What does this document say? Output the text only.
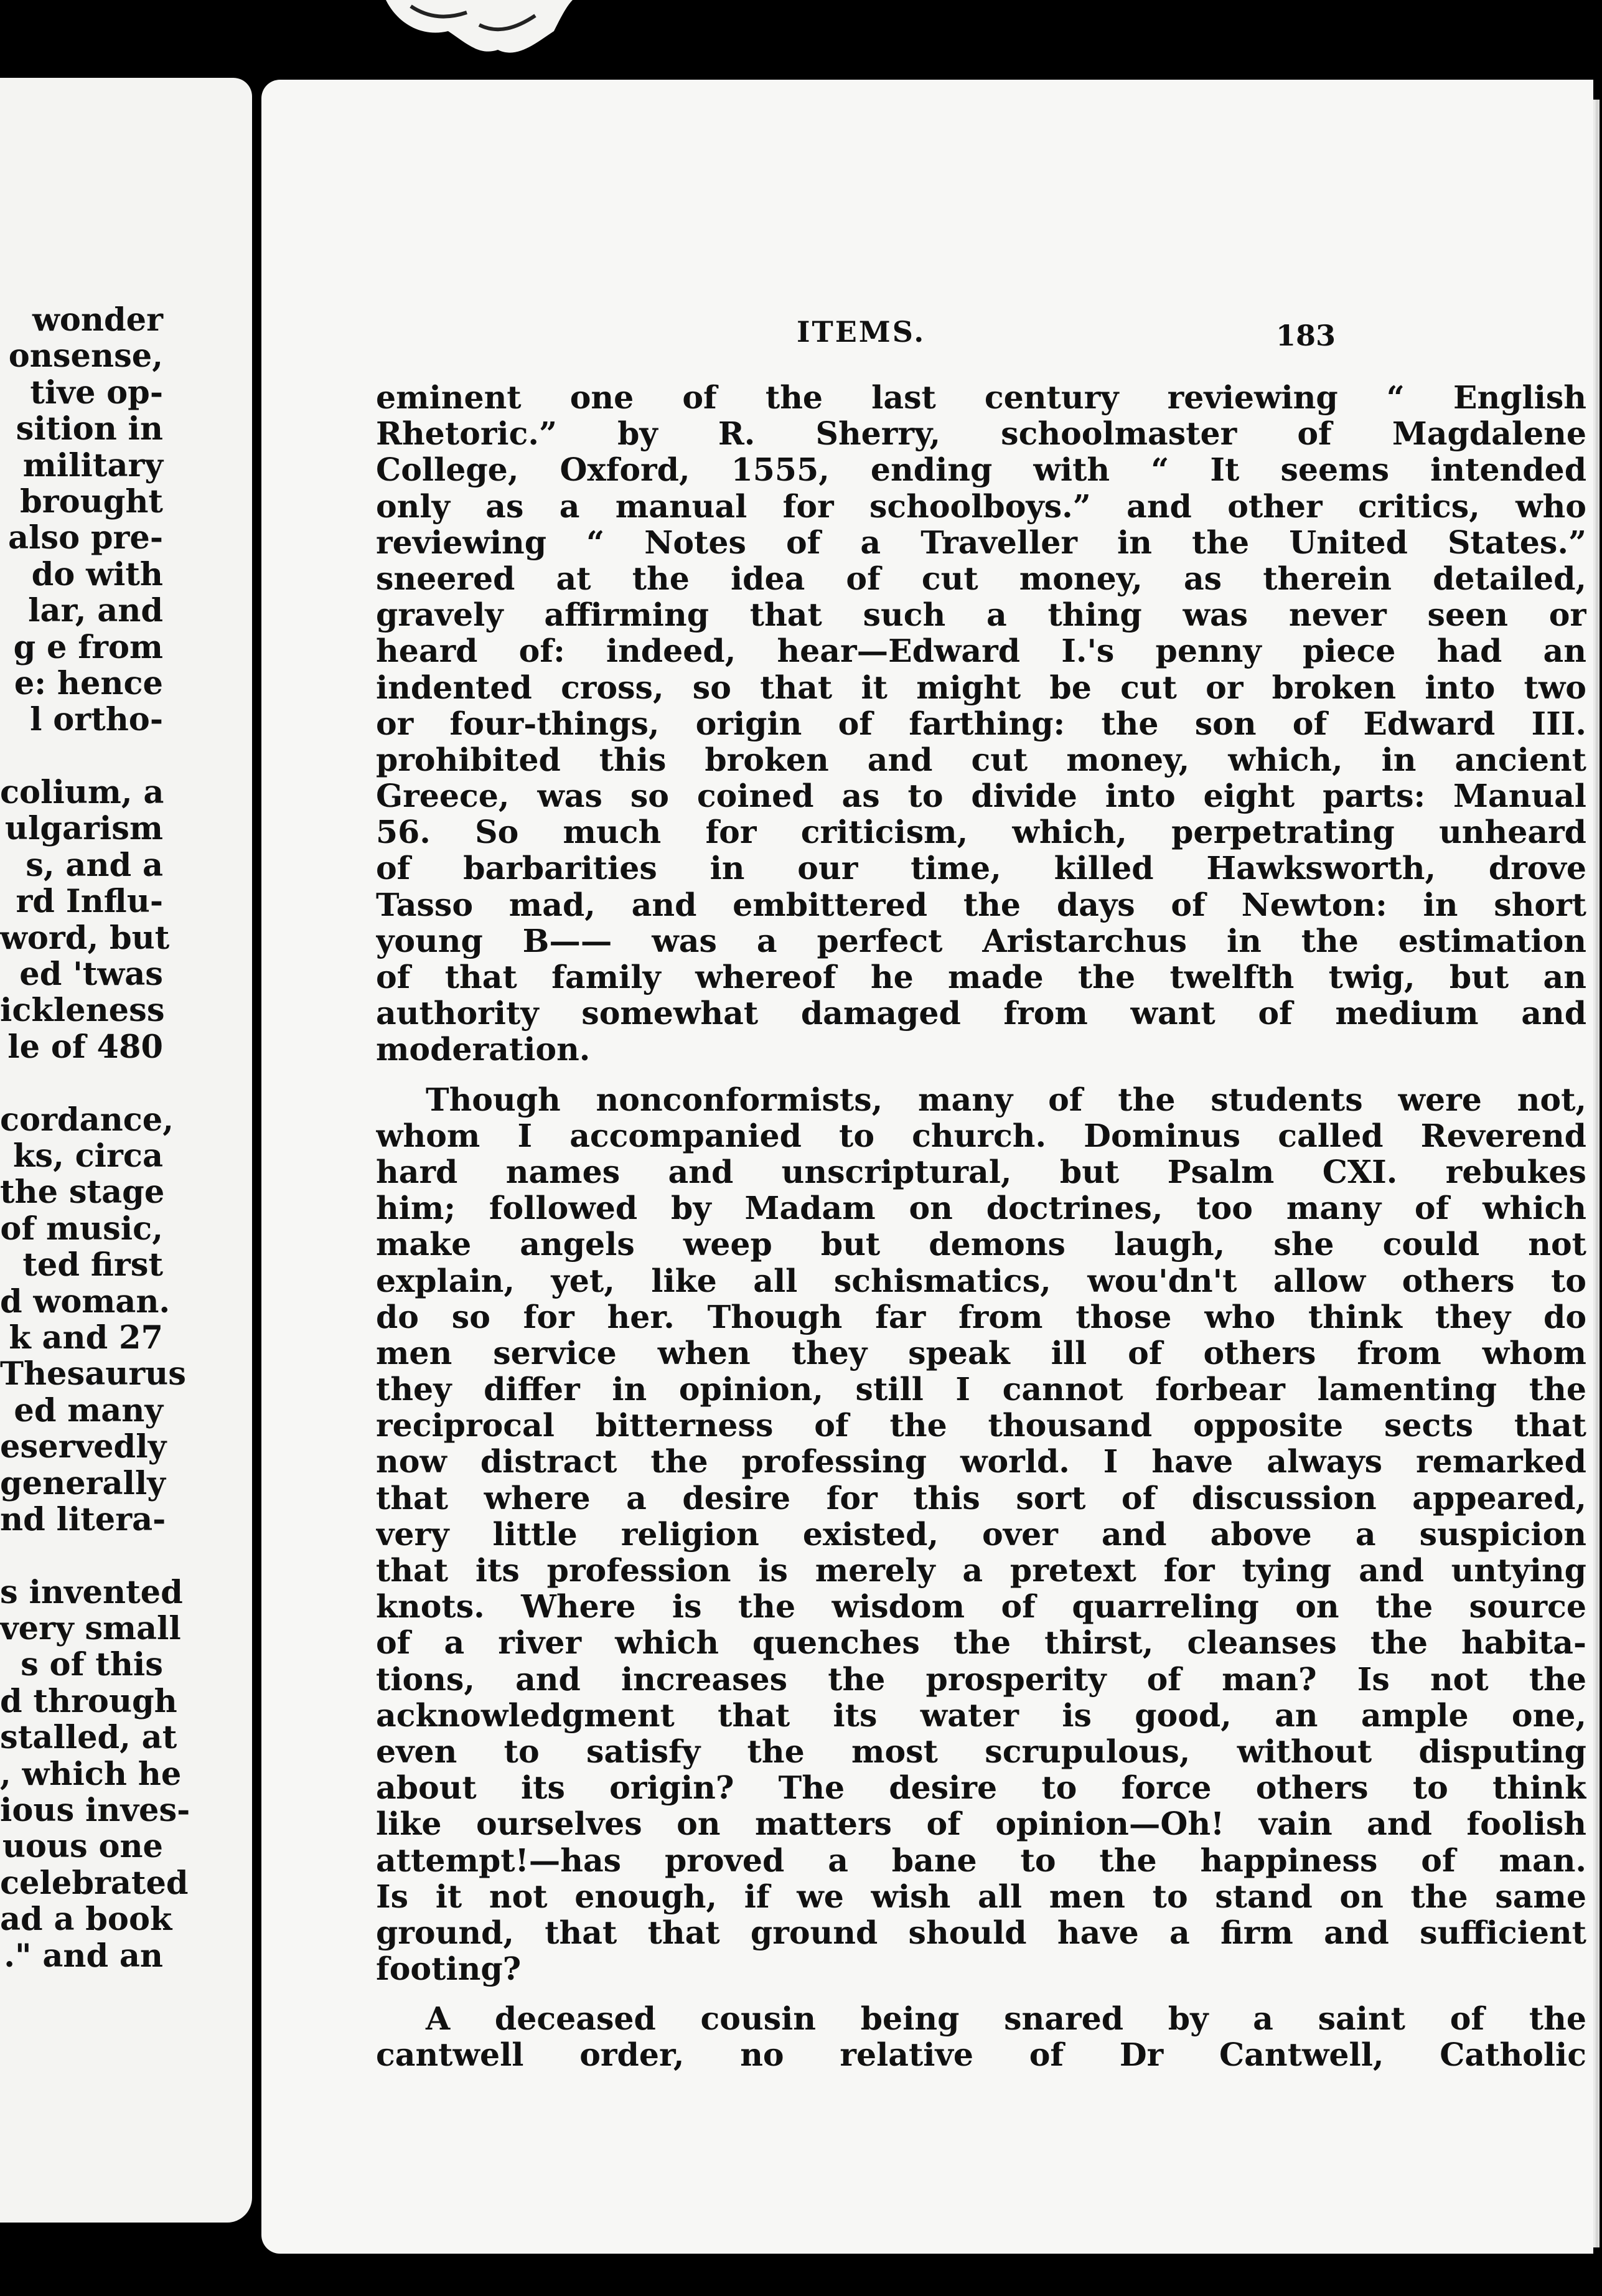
wonder
onsense,
tive op-
sition in
military
brought
also pre-
do with
lar, and
g e from
e: hence
l ortho-
colium, a
ulgarism
s, and a
rd Influ-
word, but
ed 'twas
ickleness
le of 480
cordance,
ks, circa
the stage
of music,
ted first
d woman.
k and 27
Thesaurus
ed many
eservedly
generally
nd litera-
s invented
very small
s of this
d through
stalled, at
, which he
ious inves-
uous one
celebrated
ad a book
." and an
ITEMS.	183
eminent one of the last century reviewing “ English
Rhetoric.” by R. Sherry, schoolmaster of Magdalene
College, Oxford, 1555, ending with “ It seems intended
only as a manual for schoolboys.” and other critics, who
reviewing “ Notes of a Traveller in the United States.”
sneered at the idea of cut money, as therein detailed,
gravely affirming that such a thing was never seen or
heard of: indeed, hear—Edward I.'s penny piece had an
indented cross, so that it might be cut or broken into two
or four-things, origin of farthing: the son of Edward III.
prohibited this broken and cut money, which, in ancient
Greece, was so coined as to divide into eight parts: Manual
56. So much for criticism, which, perpetrating unheard
of barbarities in our time, killed Hawksworth, drove
Tasso mad, and embittered the days of Newton: in short
young B—— was a perfect Aristarchus in the estimation
of that family whereof he made the twelfth twig, but an
authority somewhat damaged from want of medium and
moderation.
Though nonconformists, many of the students were not,
whom I accompanied to church. Dominus called Reverend
hard names and unscriptural, but Psalm CXI. rebukes
him; followed by Madam on doctrines, too many of which
make angels weep but demons laugh, she could not
explain, yet, like all schismatics, wou'dn't allow others to
do so for her. Though far from those who think they do
men service when they speak ill of others from whom
they differ in opinion, still I cannot forbear lamenting the
reciprocal bitterness of the thousand opposite sects that
now distract the professing world. I have always remarked
that where a desire for this sort of discussion appeared,
very little religion existed, over and above a suspicion
that its profession is merely a pretext for tying and untying
knots. Where is the wisdom of quarreling on the source
of a river which quenches the thirst, cleanses the habita-
tions, and increases the prosperity of man? Is not the
acknowledgment that its water is good, an ample one,
even to satisfy the most scrupulous, without disputing
about its origin? The desire to force others to think
like ourselves on matters of opinion—Oh! vain and foolish
attempt!—has proved a bane to the happiness of man.
Is it not enough, if we wish all men to stand on the same
ground, that that ground should have a firm and sufficient
footing?
A deceased cousin being snared by a saint of the
cantwell order, no relative of Dr Cantwell, Catholic
